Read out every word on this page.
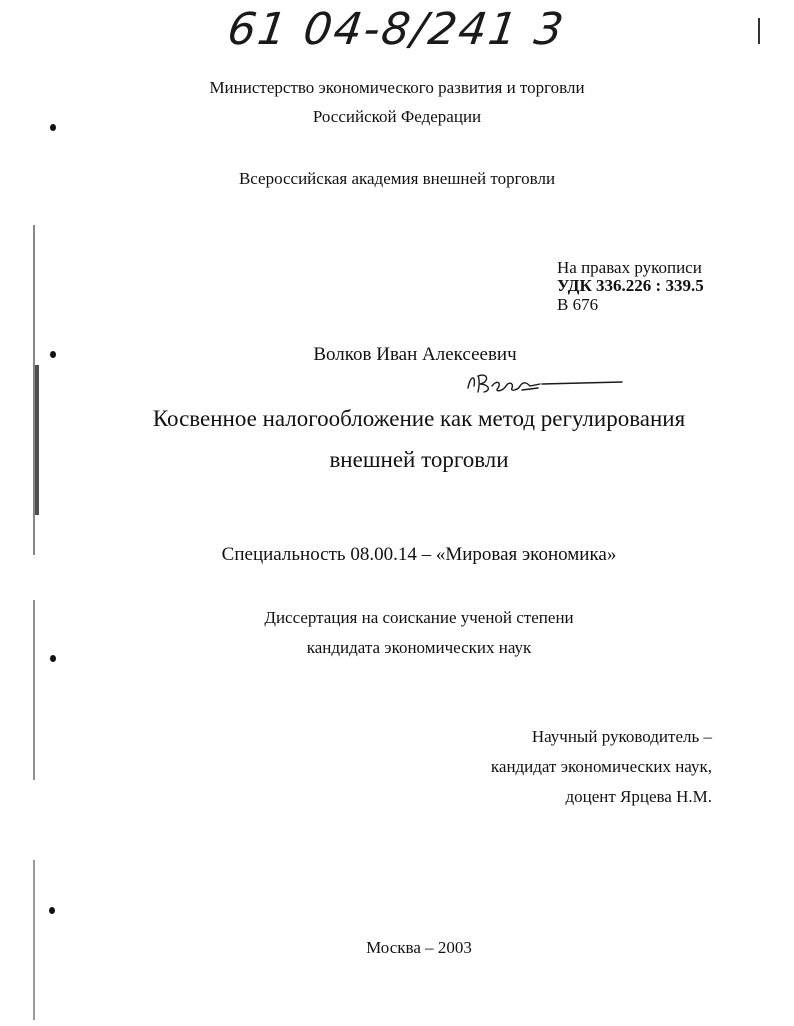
61 04-8/241 3
Министерство экономического развития и торговли
Российской Федерации
Всероссийская академия внешней торговли
На правах рукописи
УДК 336.226 : 339.5
В 676
Волков Иван Алексеевич
Косвенное налогообложение как метод регулирования
внешней торговли
Специальность 08.00.14 – «Мировая экономика»
Диссертация на соискание ученой степени
кандидата экономических наук
Научный руководитель –
кандидат экономических наук,
доцент Ярцева Н.М.
Москва – 2003
